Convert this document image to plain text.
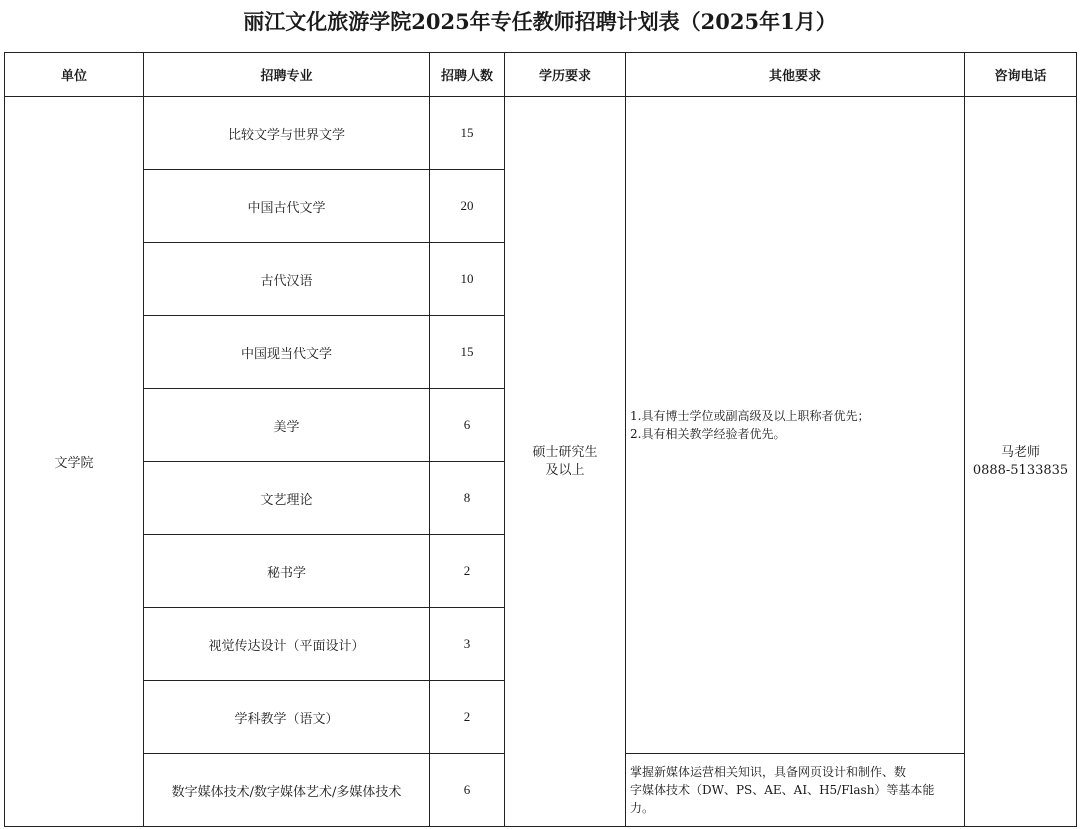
丽江文化旅游学院2025年专任教师招聘计划表（2025年1月）
单位	招聘专业	招聘人数	学历要求	其他要求	咨询电话
文学院	比较文学与世界文学	15	硕士研究生
及以上	1.具有博士学位或副高级及以上职称者优先；
2.具有相关教学经验者优先。	马老师
0888-5133835

	中国古代文学	20			
	古代汉语	10			
	中国现当代文学	15			
	美学	6			
	文艺理论	8			
	秘书学	2			
	视觉传达设计（平面设计）	3			
	学科教学（语文）	2			
	数字媒体技术/数字媒体艺术/多媒体技术	6		掌握新媒体运营相关知识，具备网页设计和制作、数
字媒体技术（DW、PS、AE、AI、H5/Flash）等基本能
力。	
